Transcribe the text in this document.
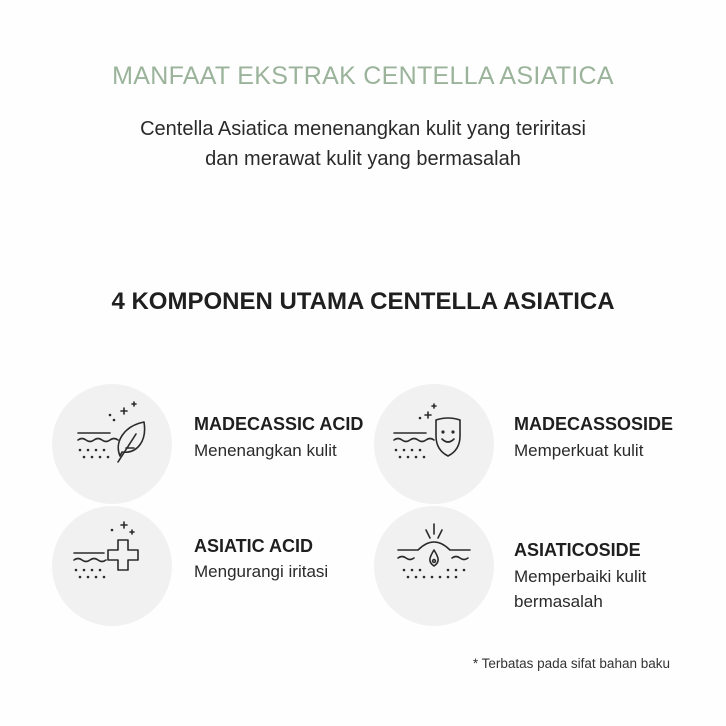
MANFAAT EKSTRAK CENTELLA ASIATICA
Centella Asiatica menenangkan kulit yang teriritasi
dan merawat kulit yang bermasalah
4 KOMPONEN UTAMA CENTELLA ASIATICA
MADECASSIC ACID
Menenangkan kulit
MADECASSOSIDE
Memperkuat kulit
ASIATIC ACID
Mengurangi iritasi
ASIATICOSIDE
Memperbaiki kulit
bermasalah
* Terbatas pada sifat bahan baku
